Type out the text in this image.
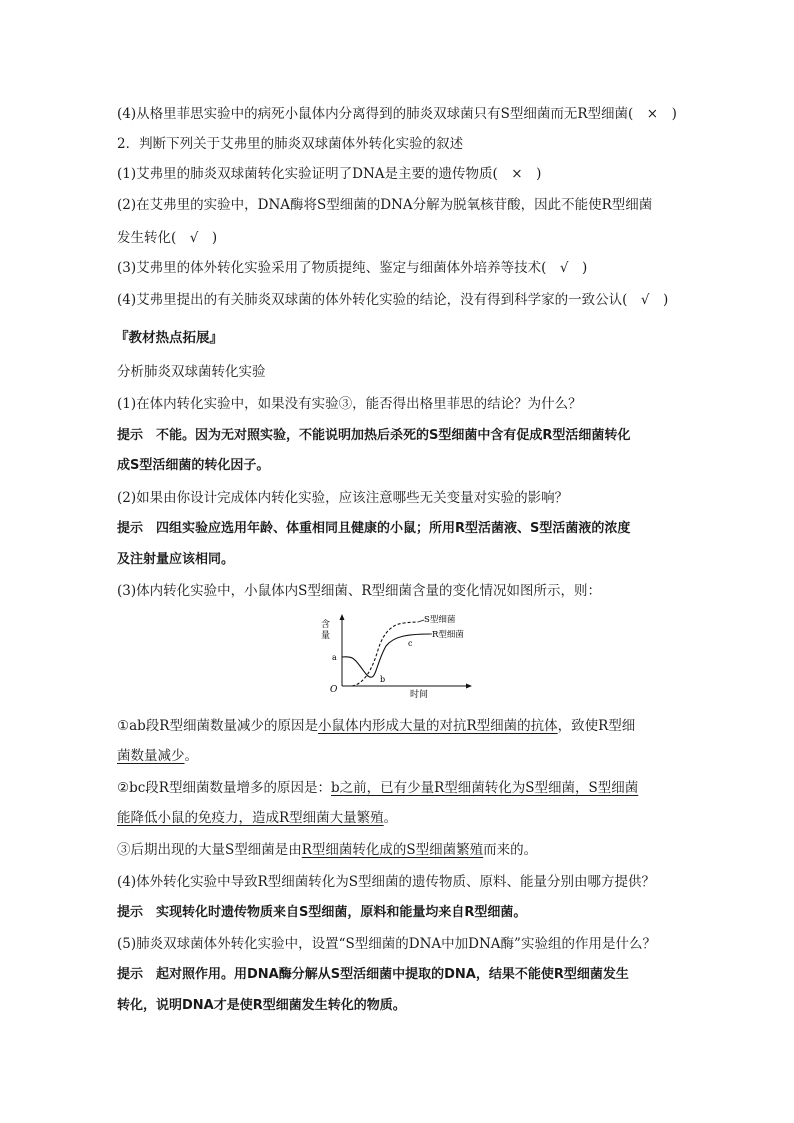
(4)从格里菲思实验中的病死小鼠体内分离得到的肺炎双球菌只有S型细菌而无R型细菌(　×　)
2．判断下列关于艾弗里的肺炎双球菌体外转化实验的叙述
(1)艾弗里的肺炎双球菌转化实验证明了DNA是主要的遗传物质(　×　)
(2)在艾弗里的实验中，DNA酶将S型细菌的DNA分解为脱氧核苷酸，因此不能使R型细菌
发生转化(　√　)
(3)艾弗里的体外转化实验采用了物质提纯、鉴定与细菌体外培养等技术(　√　)
(4)艾弗里提出的有关肺炎双球菌的体外转化实验的结论，没有得到科学家的一致公认(　√　)
『教材热点拓展』
分析肺炎双球菌转化实验
(1)在体内转化实验中，如果没有实验③，能否得出格里菲思的结论？为什么？
提示　不能。因为无对照实验，不能说明加热后杀死的S型细菌中含有促成R型活细菌转化
成S型活细菌的转化因子。
(2)如果由你设计完成体内转化实验，应该注意哪些无关变量对实验的影响？
提示　四组实验应选用年龄、体重相同且健康的小鼠；所用R型活菌液、S型活菌液的浓度
及注射量应该相同。
(3)体内转化实验中，小鼠体内S型细菌、R型细菌含量的变化情况如图所示，则：
含
量
a
b
c
S型细菌
R型细菌
O	时间
①ab段R型细菌数量减少的原因是小鼠体内形成大量的对抗R型细菌的抗体，致使R型细
菌数量减少。
②bc段R型细菌数量增多的原因是：b之前，已有少量R型细菌转化为S型细菌，S型细菌
能降低小鼠的免疫力，造成R型细菌大量繁殖。
③后期出现的大量S型细菌是由R型细菌转化成的S型细菌繁殖而来的。
(4)体外转化实验中导致R型细菌转化为S型细菌的遗传物质、原料、能量分别由哪方提供？
提示　实现转化时遗传物质来自S型细菌，原料和能量均来自R型细菌。
(5)肺炎双球菌体外转化实验中，设置“S型细菌的DNA中加DNA酶”实验组的作用是什么？
提示　起对照作用。用DNA酶分解从S型活细菌中提取的DNA，结果不能使R型细菌发生
转化，说明DNA才是使R型细菌发生转化的物质。
